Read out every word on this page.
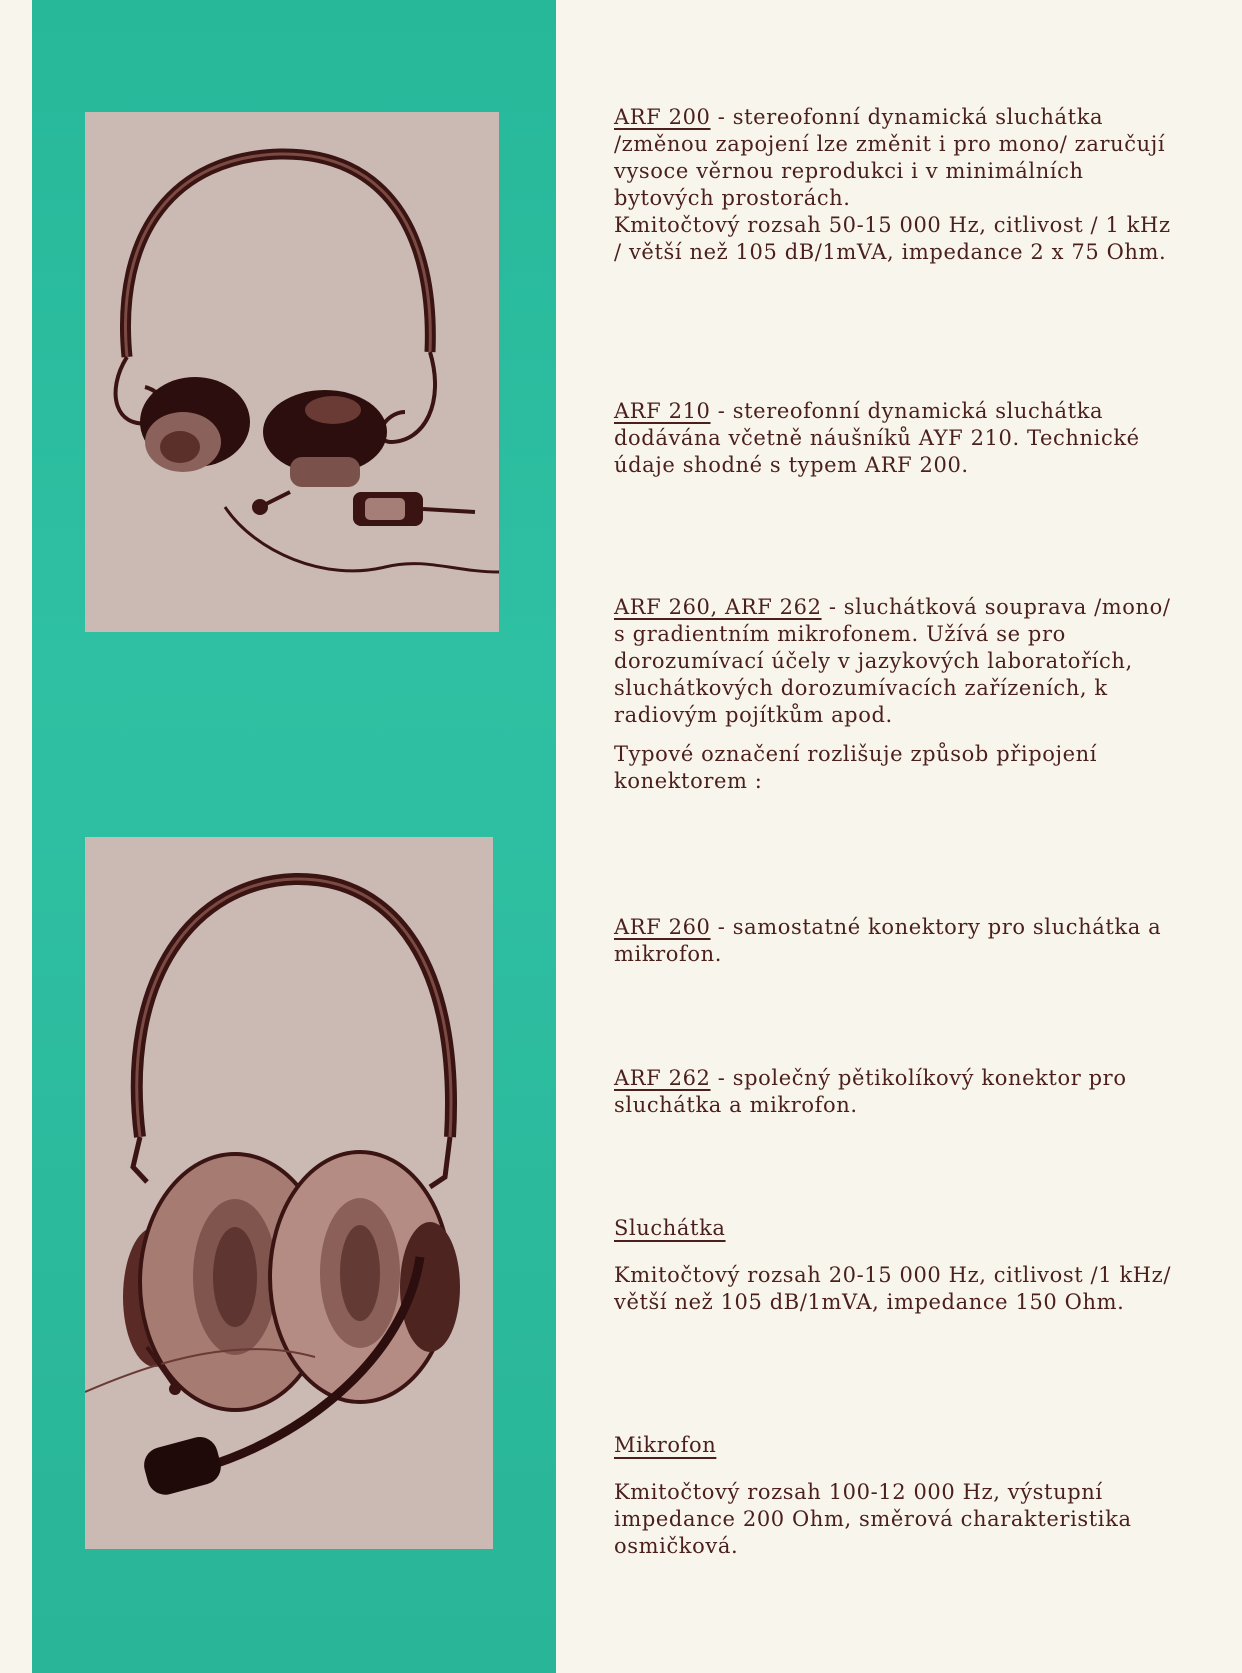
ARF 200 - stereofonní dynamická sluchátka /změnou zapojení lze změnit i pro mono/ zaručují vysoce věrnou reprodukci i v minimálních bytových prostorách.

Kmitočtový rozsah 50-15 000 Hz, citlivost / 1 kHz / větší než 105 dB/1mVA, impedance 2 x 75 Ohm.

ARF 210 - stereofonní dynamická sluchátka dodávána včetně náušníků AYF 210. Technické údaje shodné s typem ARF 200.

ARF 260, ARF 262 - sluchátková souprava /mono/ s gradientním mikrofonem. Užívá se pro dorozumívací účely v jazykových laboratořích, sluchátkových dorozumívacích zařízeních, k radiovým pojítkům apod.

Typové označení rozlišuje způsob připojení konektorem :

ARF 260 - samostatné konektory pro sluchátka a mikrofon.

ARF 262 - společný pětikolíkový konektor pro sluchátka a mikrofon.

Sluchátka

Kmitočtový rozsah 20-15 000 Hz, citlivost /1 kHz/ větší než 105 dB/1mVA, impedance 150 Ohm.

Mikrofon

Kmitočtový rozsah 100-12 000 Hz, výstupní impedance 200 Ohm, směrová charakteristika osmičková.
